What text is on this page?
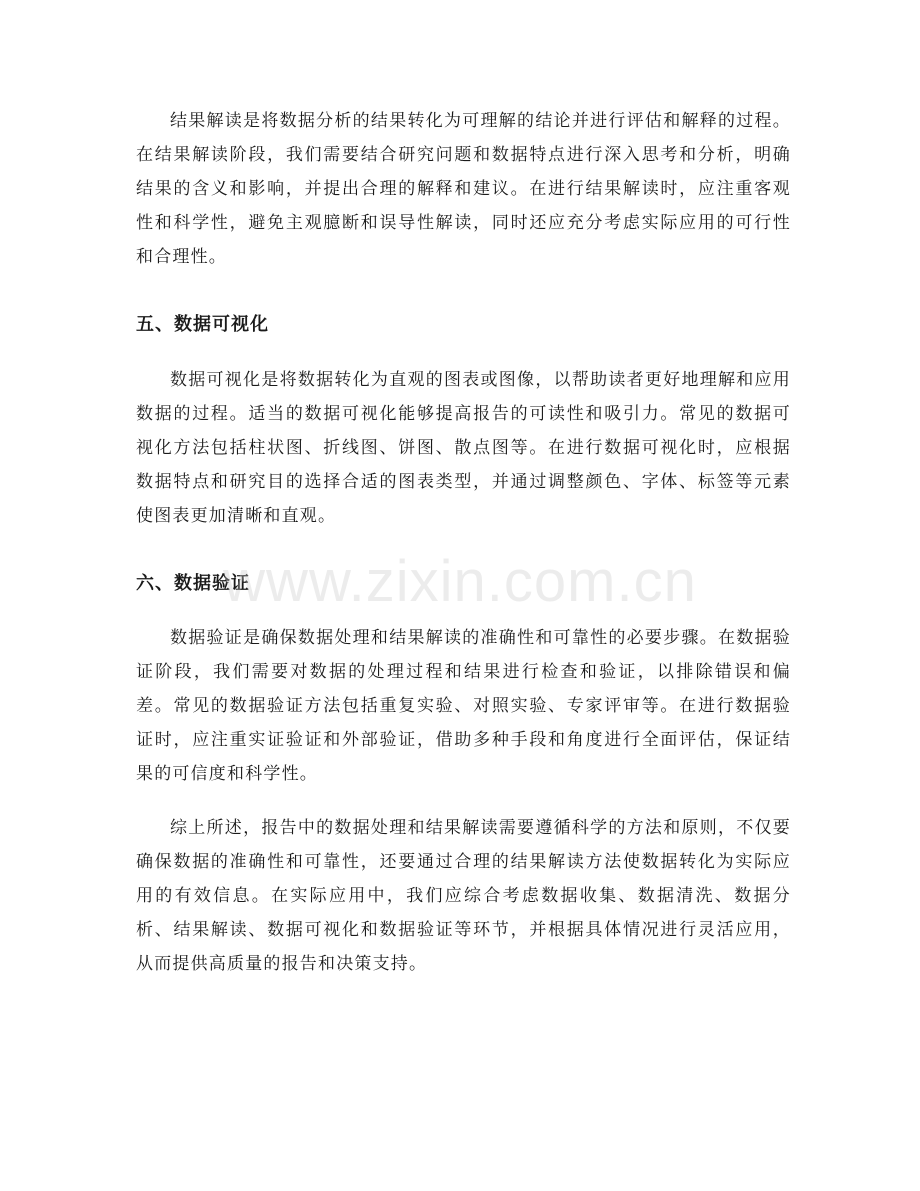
结果解读是将数据分析的结果转化为可理解的结论并进行评估和解释的过程。在结果解读阶段，我们需要结合研究问题和数据特点进行深入思考和分析，明确结果的含义和影响，并提出合理的解释和建议。在进行结果解读时，应注重客观性和科学性，避免主观臆断和误导性解读，同时还应充分考虑实际应用的可行性和合理性。

五、数据可视化

数据可视化是将数据转化为直观的图表或图像，以帮助读者更好地理解和应用数据的过程。适当的数据可视化能够提高报告的可读性和吸引力。常见的数据可视化方法包括柱状图、折线图、饼图、散点图等。在进行数据可视化时，应根据数据特点和研究目的选择合适的图表类型，并通过调整颜色、字体、标签等元素使图表更加清晰和直观。

六、数据验证

数据验证是确保数据处理和结果解读的准确性和可靠性的必要步骤。在数据验证阶段，我们需要对数据的处理过程和结果进行检查和验证，以排除错误和偏差。常见的数据验证方法包括重复实验、对照实验、专家评审等。在进行数据验证时，应注重实证验证和外部验证，借助多种手段和角度进行全面评估，保证结果的可信度和科学性。

综上所述，报告中的数据处理和结果解读需要遵循科学的方法和原则，不仅要确保数据的准确性和可靠性，还要通过合理的结果解读方法使数据转化为实际应用的有效信息。在实际应用中，我们应综合考虑数据收集、数据清洗、数据分析、结果解读、数据可视化和数据验证等环节，并根据具体情况进行灵活应用，从而提供高质量的报告和决策支持。

www.zixin.com.cn
